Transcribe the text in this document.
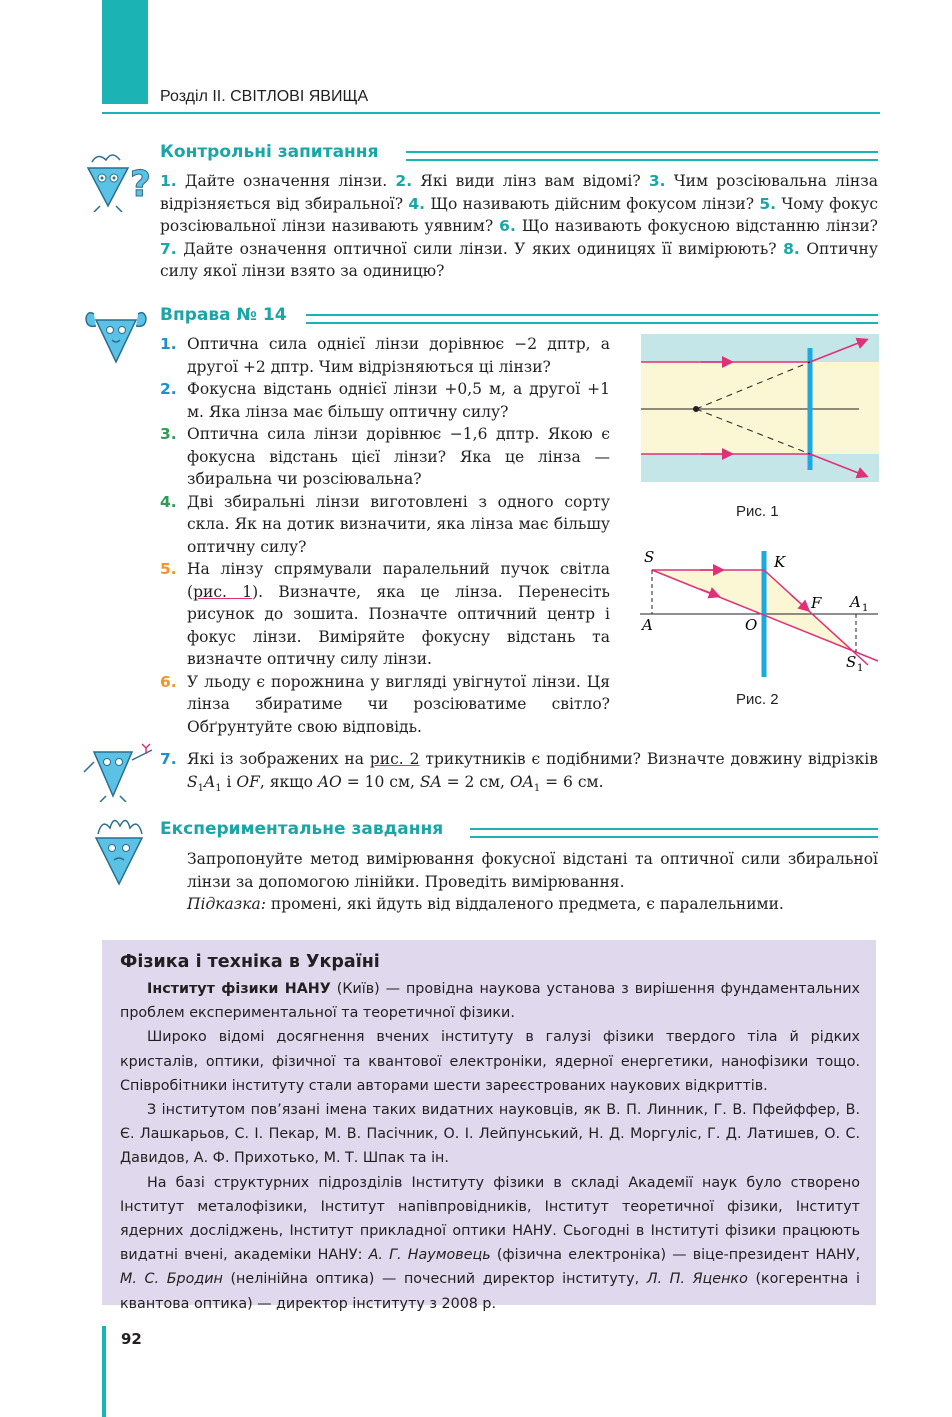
Розділ ІІ. СВІТЛОВІ ЯВИЩА
?
Контрольні запитання
1. Дайте означення лінзи. 2. Які види лінз вам відомі? 3. Чим розсіювальна лінза відрізняється від збиральної? 4. Що називають дійсним фокусом лінзи? 5. Чому фокус розсіювальної лінзи називають уявним? 6. Що називають фокусною відстанню лінзи? 7. Дайте означення оптичної сили лінзи. У яких одиницях її вимірюють? 8. Оптичну силу якої лінзи взято за одиницю?
Вправа № 14
1. Оптична сила однієї лінзи дорівнює −2 дптр, а другої +2 дптр. Чим відрізняються ці лінзи?
2. Фокусна відстань однієї лінзи +0,5 м, а другої +1 м. Яка лінза має більшу оптичну силу?
3. Оптична сила лінзи дорівнює −1,6 дптр. Якою є фокусна відстань цієї лінзи? Яка це лінза — збиральна чи розсіювальна?
4. Дві збиральні лінзи виготовлені з одного сорту скла. Як на дотик визначити, яка лінза має більшу оптичну силу?
5. На лінзу спрямували паралельний пучок світла (рис. 1). Визначте, яка це лінза. Перенесіть рисунок до зошита. Позначте оптичний центр і фокус лінзи. Виміряйте фокусну відстань та визначте оптичну силу лінзи.
6. У льоду є порожнина у вигляді увігнутої лінзи. Ця лінза збиратиме чи розсіюватиме світло? Обґрунтуйте свою відповідь.
7. Які із зображених на рис. 2 трикутників є подібними? Визначте довжину відрізків $S_1A_1$ і OF, якщо AO = 10 см, SA = 2 см, $OA_1 = 6$ см.
Рис. 1
S	K
F A 1
A	O
S 1
Рис. 2
Експериментальне завдання
Запропонуйте метод вимірювання фокусної відстані та оптичної сили збиральної лінзи за допомогою лінійки. Проведіть вимірювання.
Підказка: промені, які йдуть від віддаленого предмета, є паралельними.
Фізика і техніка в Україні

Інститут фізики НАНУ (Київ) — провідна наукова установа з вирішення фундаментальних проблем експериментальної та теоретичної фізики.

Широко відомі досягнення вчених інституту в галузі фізики твердого тіла й рідких кристалів, оптики, фізичної та квантової електроніки, ядерної енергетики, нанофізики тощо. Співробітники інституту стали авторами шести зареєстрованих наукових відкриттів.

З інститутом пов’язані імена таких видатних науковців, як В. П. Линник, Г. В. Пфейффер, В. Є. Лашкарьов, С. І. Пекар, М. В. Пасічник, О. І. Лейпунський, Н. Д. Моргуліс, Г. Д. Латишев, О. С. Давидов, А. Ф. Прихотько, М. Т. Шпак та ін.

На базі структурних підрозділів Інституту фізики в складі Академії наук було створено Інститут металофізики, Інститут напівпровідників, Інститут теоретичної фізики, Інститут ядерних досліджень, Інститут прикладної оптики НАНУ. Сьогодні в Інституті фізики працюють видатні вчені, академіки НАНУ: А. Г. Наумовець (фізична електроніка) — віце-президент НАНУ, М. С. Бродин (нелінійна оптика) — почесний директор інституту, Л. П. Яценко (когерентна і квантова оптика) — директор інституту з 2008 р.

92
